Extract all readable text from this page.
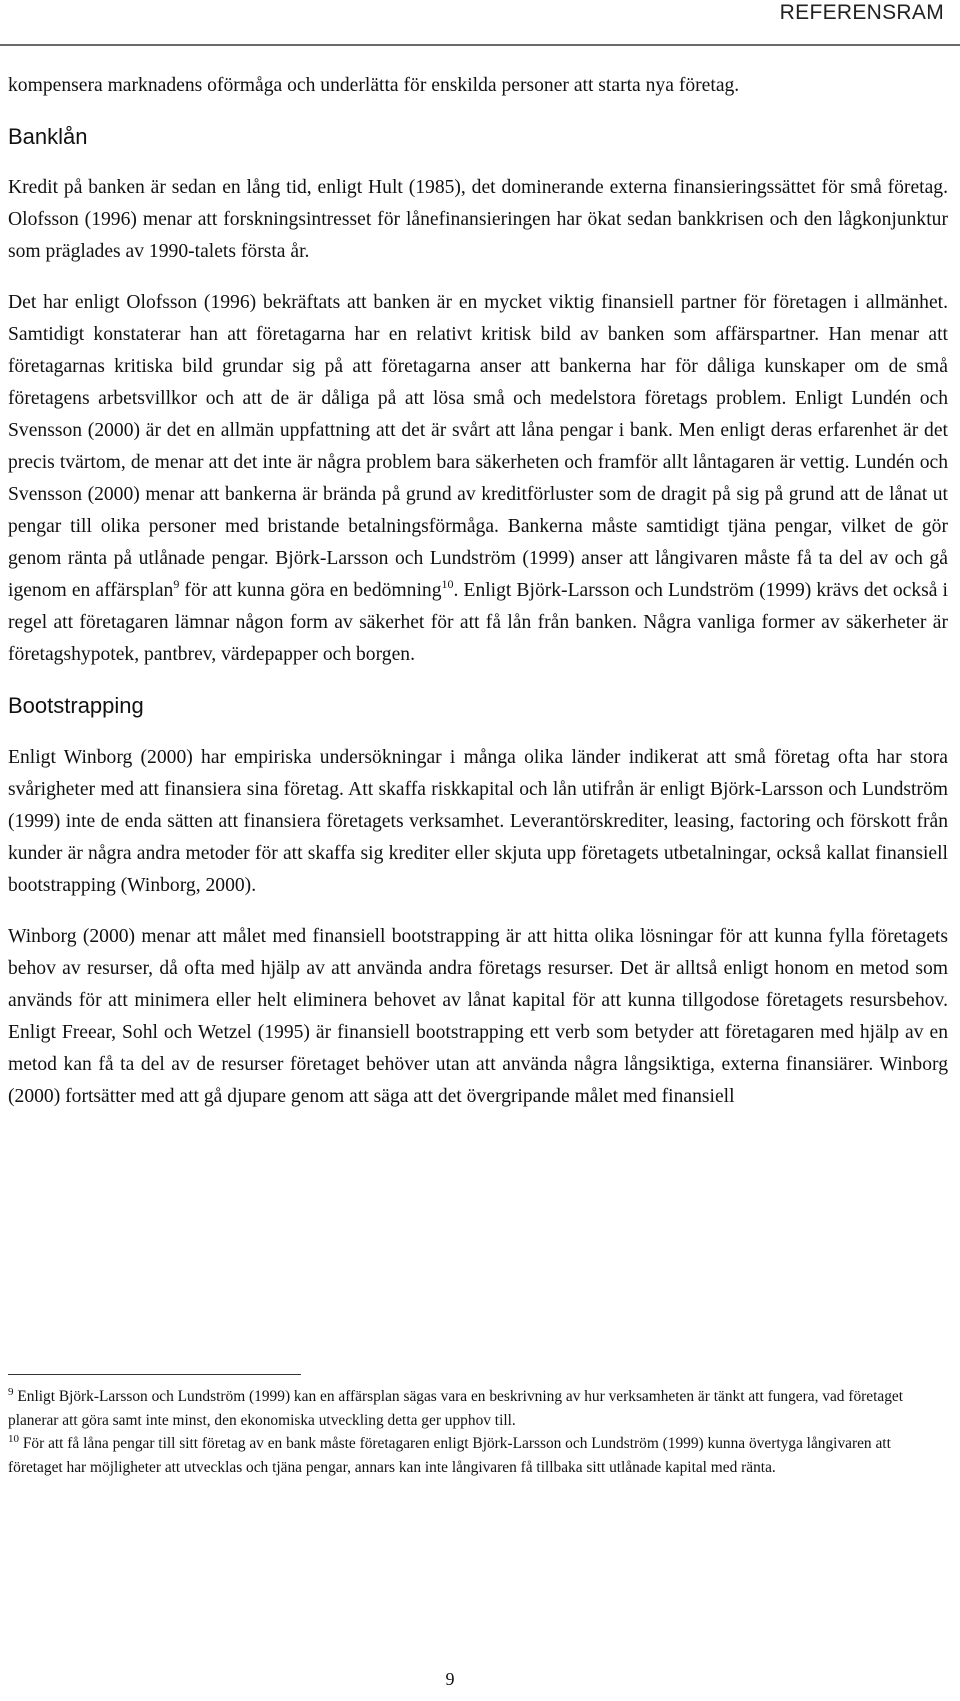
REFERENSRAM

kompensera marknadens oförmåga och underlätta för enskilda personer att starta nya företag.

Banklån

Kredit på banken är sedan en lång tid, enligt Hult (1985), det dominerande externa finansieringssättet för små företag. Olofsson (1996) menar att forskningsintresset för lånefinansieringen har ökat sedan bankkrisen och den lågkonjunktur som präglades av 1990-talets första år.

Det har enligt Olofsson (1996) bekräftats att banken är en mycket viktig finansiell partner för företagen i allmänhet. Samtidigt konstaterar han att företagarna har en relativt kritisk bild av banken som affärspartner. Han menar att företagarnas kritiska bild grundar sig på att företagarna anser att bankerna har för dåliga kunskaper om de små företagens arbetsvillkor och att de är dåliga på att lösa små och medelstora företags problem. Enligt Lundén och Svensson (2000) är det en allmän uppfattning att det är svårt att låna pengar i bank. Men enligt deras erfarenhet är det precis tvärtom, de menar att det inte är några problem bara säkerheten och framför allt låntagaren är vettig. Lundén och Svensson (2000) menar att bankerna är brända på grund av kreditförluster som de dragit på sig på grund att de lånat ut pengar till olika personer med bristande betalningsförmåga. Bankerna måste samtidigt tjäna pengar, vilket de gör genom ränta på utlånade pengar. Björk-Larsson och Lundström (1999) anser att långivaren måste få ta del av och gå igenom en affärsplan$^9$ för att kunna göra en bedömning$^{10}$. Enligt Björk-Larsson och Lundström (1999) krävs det också i regel att företagaren lämnar någon form av säkerhet för att få lån från banken. Några vanliga former av säkerheter är företagshypotek, pantbrev, värdepapper och borgen.

Bootstrapping

Enligt Winborg (2000) har empiriska undersökningar i många olika länder indikerat att små företag ofta har stora svårigheter med att finansiera sina företag. Att skaffa riskkapital och lån utifrån är enligt Björk-Larsson och Lundström (1999) inte de enda sätten att finansiera företagets verksamhet. Leverantörskrediter, leasing, factoring och förskott från kunder är några andra metoder för att skaffa sig krediter eller skjuta upp företagets utbetalningar, också kallat finansiell bootstrapping (Winborg, 2000).

Winborg (2000) menar att målet med finansiell bootstrapping är att hitta olika lösningar för att kunna fylla företagets behov av resurser, då ofta med hjälp av att använda andra företags resurser. Det är alltså enligt honom en metod som används för att minimera eller helt eliminera behovet av lånat kapital för att kunna tillgodose företagets resursbehov. Enligt Freear, Sohl och Wetzel (1995) är finansiell bootstrapping ett verb som betyder att företagaren med hjälp av en metod kan få ta del av de resurser företaget behöver utan att använda några långsiktiga, externa finansiärer. Winborg (2000) fortsätter med att gå djupare genom att säga att det övergripande målet med finansiell

$^9$ Enligt Björk-Larsson och Lundström (1999) kan en affärsplan sägas vara en beskrivning av hur verksamheten är tänkt att fungera, vad företaget planerar att göra samt inte minst, den ekonomiska utveckling detta ger upphov till.

$^{10}$ För att få låna pengar till sitt företag av en bank måste företagaren enligt Björk-Larsson och Lundström (1999) kunna övertyga långivaren att företaget har möjligheter att utvecklas och tjäna pengar, annars kan inte långivaren få tillbaka sitt utlånade kapital med ränta.

9
